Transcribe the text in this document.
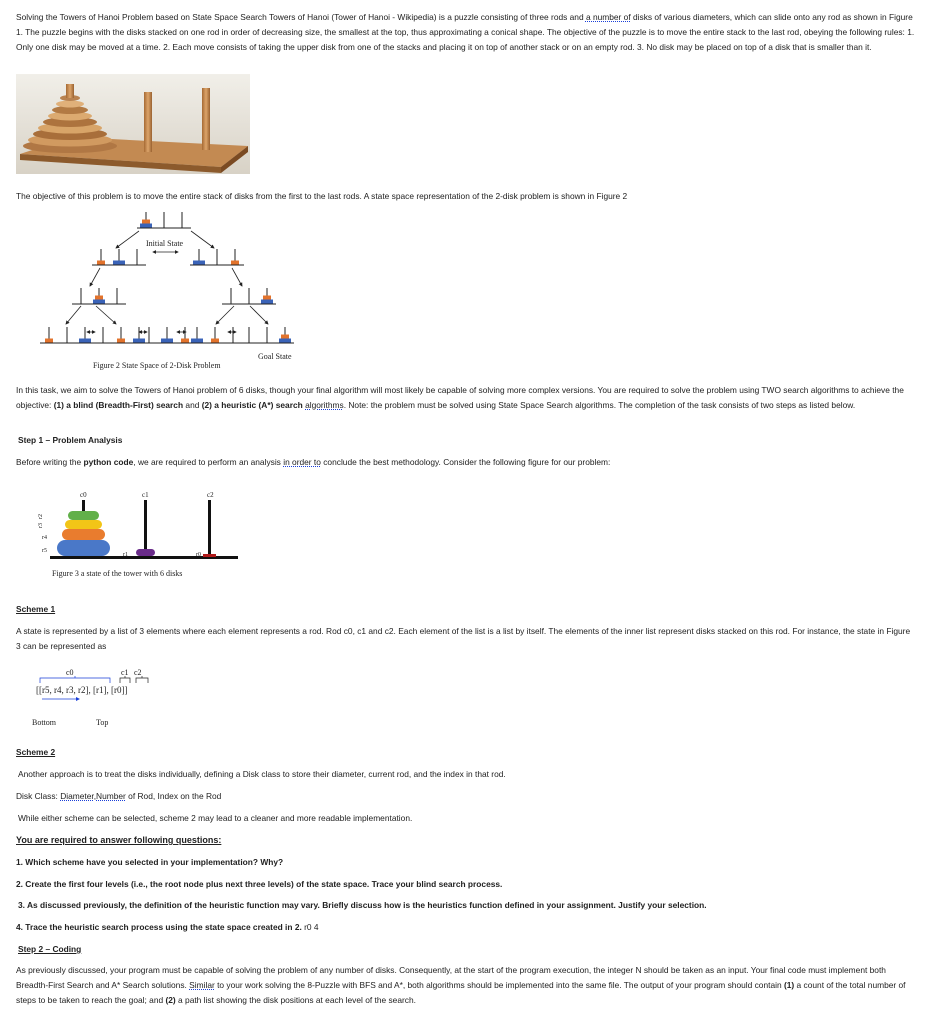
Solving the Towers of Hanoi Problem based on State Space Search Towers of Hanoi (Tower of Hanoi - Wikipedia) is a puzzle consisting of three rods and a number of disks of various diameters, which can slide onto any rod as shown in Figure 1. The puzzle begins with the disks stacked on one rod in order of decreasing size, the smallest at the top, thus approximating a conical shape. The objective of the puzzle is to move the entire stack to the last rod, obeying the following rules: 1. Only one disk may be moved at a time. 2. Each move consists of taking the upper disk from one of the stacks and placing it on top of another stack or on an empty rod. 3. No disk may be placed on top of a disk that is smaller than it.

The objective of this problem is to move the entire stack of disks from the first to the last rods. A state space representation of the 2-disk problem is shown in Figure 2

Initial State
Goal State
Figure 2 State Space of 2-Disk Problem

In this task, we aim to solve the Towers of Hanoi problem of 6 disks, though your final algorithm will most likely be capable of solving more complex versions. You are required to solve the problem using TWO search algorithms to achieve the objective: (1) a blind (Breadth-First) search and (2) a heuristic (A*) search algorithms. Note: the problem must be solved using State Space Search algorithms. The completion of the task consists of two steps as listed below.

Step 1 – Problem Analysis

Before writing the python code, we are required to perform an analysis in order to conclude the best methodology. Consider the following figure for our problem:

c0	c1	c2
r2
r3
r4
r5
r1	r0
Figure 3 a state of the tower with 6 disks

Scheme 1

A state is represented by a list of 3 elements where each element represents a rod. Rod c0, c1 and c2. Each element of the list is a list by itself. The elements of the inner list represent disks stacked on this rod. For instance, the state in Figure 3 can be represented as

c0	c1 c2
[[r5, r4, r3, r2], [r1], [r0]]
Bottom	Top

Scheme 2

Another approach is to treat the disks individually, defining a Disk class to store their diameter, current rod, and the index in that rod.

Disk Class: Diameter,Number of Rod, Index on the Rod

While either scheme can be selected, scheme 2 may lead to a cleaner and more readable implementation.

You are required to answer following questions:

1. Which scheme have you selected in your implementation? Why?

2. Create the first four levels (i.e., the root node plus next three levels) of the state space. Trace your blind search process.

3. As discussed previously, the definition of the heuristic function may vary. Briefly discuss how is the heuristics function defined in your assignment. Justify your selection.

4. Trace the heuristic search process using the state space created in 2. r0 4

Step 2 – Coding

As previously discussed, your program must be capable of solving the problem of any number of disks. Consequently, at the start of the program execution, the integer N should be taken as an input. Your final code must implement both Breadth-First Search and A* Search solutions. Similar to your work solving the 8-Puzzle with BFS and A*, both algorithms should be implemented into the same file. The output of your program should contain (1) a count of the total number of steps to be taken to reach the goal; and (2) a path list showing the disk positions at each level of the search.
